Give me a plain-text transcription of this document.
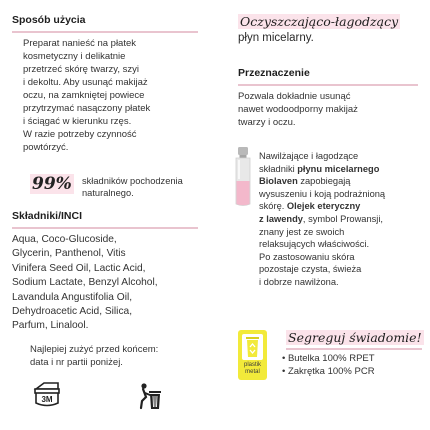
Sposób użycia
Preparat nanieść na płatek
kosmetyczny i delikatnie
przetrzeć skórę twarzy, szyi
i dekoltu. Aby usunąć makijaż
oczu, na zamkniętej powiece
przytrzymać nasączony płatek
i ściągać w kierunku rzęs.
W razie potrzeby czynność
powtórzyć.
99% składników pochodzenia
naturalnego.
Składniki/INCI
Aqua, Coco-Glucoside,
Glycerin, Panthenol, Vitis
Vinifera Seed Oil, Lactic Acid,
Sodium Lactate, Benzyl Alcohol,
Lavandula Angustifolia Oil,
Dehydroacetic Acid, Silica,
Parfum, Linalool.
Najlepiej zużyć przed końcem:
data i nr partii poniżej.
3M
Oczyszczająco-łagodzący
płyn micelarny.
Przeznaczenie
Pozwala dokładnie usunąć
nawet wodoodporny makijaż
twarzy i oczu.
Nawilżające i łagodzące
składniki płynu micelarnego
Biolaven zapobiegają
wysuszeniu i koją podrażnioną
skórę. Olejek eteryczny
z lawendy, symbol Prowansji,
znany jest ze swoich
relaksujących właściwości.
Po zastosowaniu skóra
pozostaje czysta, świeża
i dobrze nawilżona.
plastik
metal
Segreguj świadomie!
• Butelka 100% RPET
• Zakrętka 100% PCR
